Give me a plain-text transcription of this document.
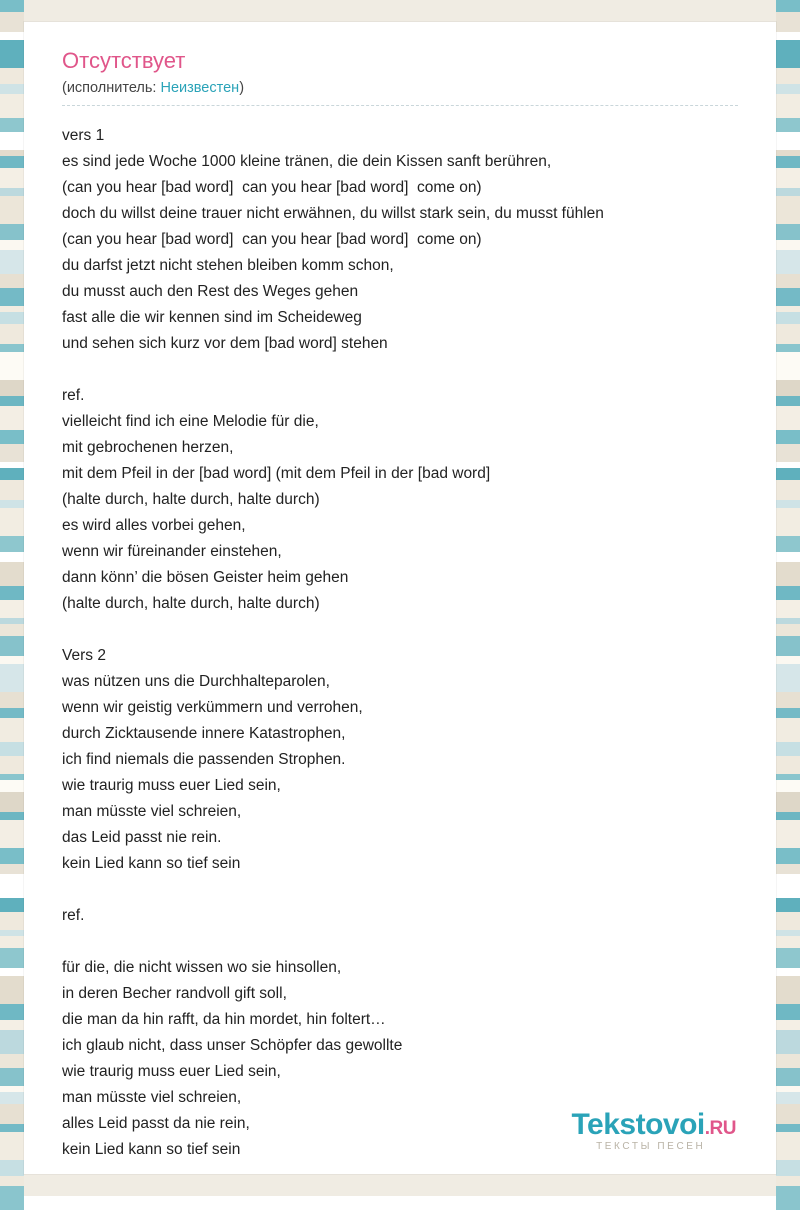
Отсутствует
(исполнитель: Неизвестен)
vers 1
es sind jede Woche 1000 kleine tränen, die dein Kissen sanft berühren,
(can you hear [bad word]  can you hear [bad word]  come on)
doch du willst deine trauer nicht erwähnen, du willst stark sein, du musst fühlen
(can you hear [bad word]  can you hear [bad word]  come on)
du darfst jetzt nicht stehen bleiben komm schon,
du musst auch den Rest des Weges gehen
fast alle die wir kennen sind im Scheideweg
und sehen sich kurz vor dem [bad word] stehen
ref.
vielleicht find ich eine Melodie für die,
mit gebrochenen herzen,
mit dem Pfeil in der [bad word] (mit dem Pfeil in der [bad word]
(halte durch, halte durch, halte durch)
es wird alles vorbei gehen,
wenn wir füreinander einstehen,
dann könn’ die bösen Geister heim gehen
(halte durch, halte durch, halte durch)
Vers 2
was nützen uns die Durchhalteparolen,
wenn wir geistig verkümmern und verrohen,
durch Zicktausende innere Katastrophen,
ich find niemals die passenden Strophen.
wie traurig muss euer Lied sein,
man müsste viel schreien,
das Leid passt nie rein.
kein Lied kann so tief sein
ref.
für die, die nicht wissen wo sie hinsollen,
in deren Becher randvoll gift soll,
die man da hin rafft, da hin mordet, hin foltert…
ich glaub nicht, dass unser Schöpfer das gewollte
wie traurig muss euer Lied sein,
man müsste viel schreien,
alles Leid passt da nie rein,
kein Lied kann so tief sein
Tekstovoi.RU
ТЕКСТЫ ПЕСЕН
